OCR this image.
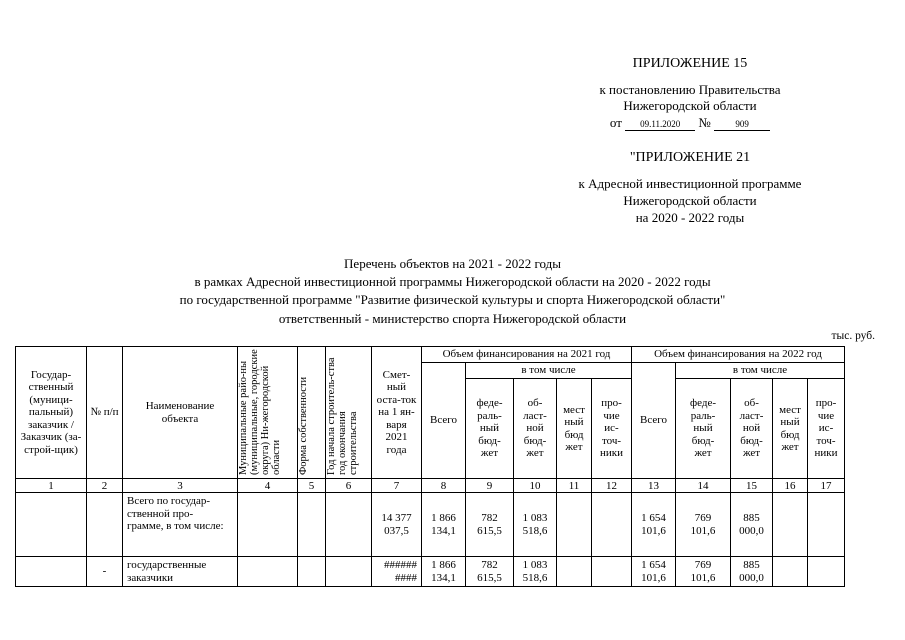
ПРИЛОЖЕНИЕ 15
к постановлению Правительства
Нижегородской области
от 09.11.2020 №	909
"ПРИЛОЖЕНИЕ 21
к Адресной инвестиционной программе
Нижегородской области
на 2020 - 2022 годы
Перечень объектов на 2021 - 2022 годы
в рамках Адресной инвестиционной программы Нижегородской области на 2020 - 2022 годы
по государственной программе "Развитие физической культуры и спорта Нижегородской области"
ответственный - министерство спорта Нижегородской области
тыс. руб.
Государ-ственный (муници-пальный) заказчик / Заказчик (за-строй-щик)	№ п/п	Наименование объекта	Муниципальные райо-ны (муниципальные, городские округа) Ни-жегородской области	Форма собственности	Год начала строитель-ства год окончания строительства	Смет-ный оста-ток на 1 ян-варя 2021 года	Объем финансирования на 2021 год					Объем финансирования на 2022 год				
							Всего	в том числе				Всего	в том числе			
								феде-раль-ный бюд-жет	об-ласт-ной бюд-жет	мест ный бюд жет	про-чие ис-точ-ники		феде-раль-ный бюд-жет	об-ласт-ной бюд-жет	мест ный бюд жет	про-чие ис-точ-ники
1	2	3	4	5	6	7	8	9	10	11	12	13	14	15	16	17
		Всего по государ-ственной про-грамме, в том числе:				14 377 037,5	1 866 134,1	782 615,5	1 083 518,6			1 654 101,6	769 101,6	885 000,0		
	-	государственные заказчики				###### ####	1 866 134,1	782 615,5	1 083 518,6			1 654 101,6	769 101,6	885 000,0		
